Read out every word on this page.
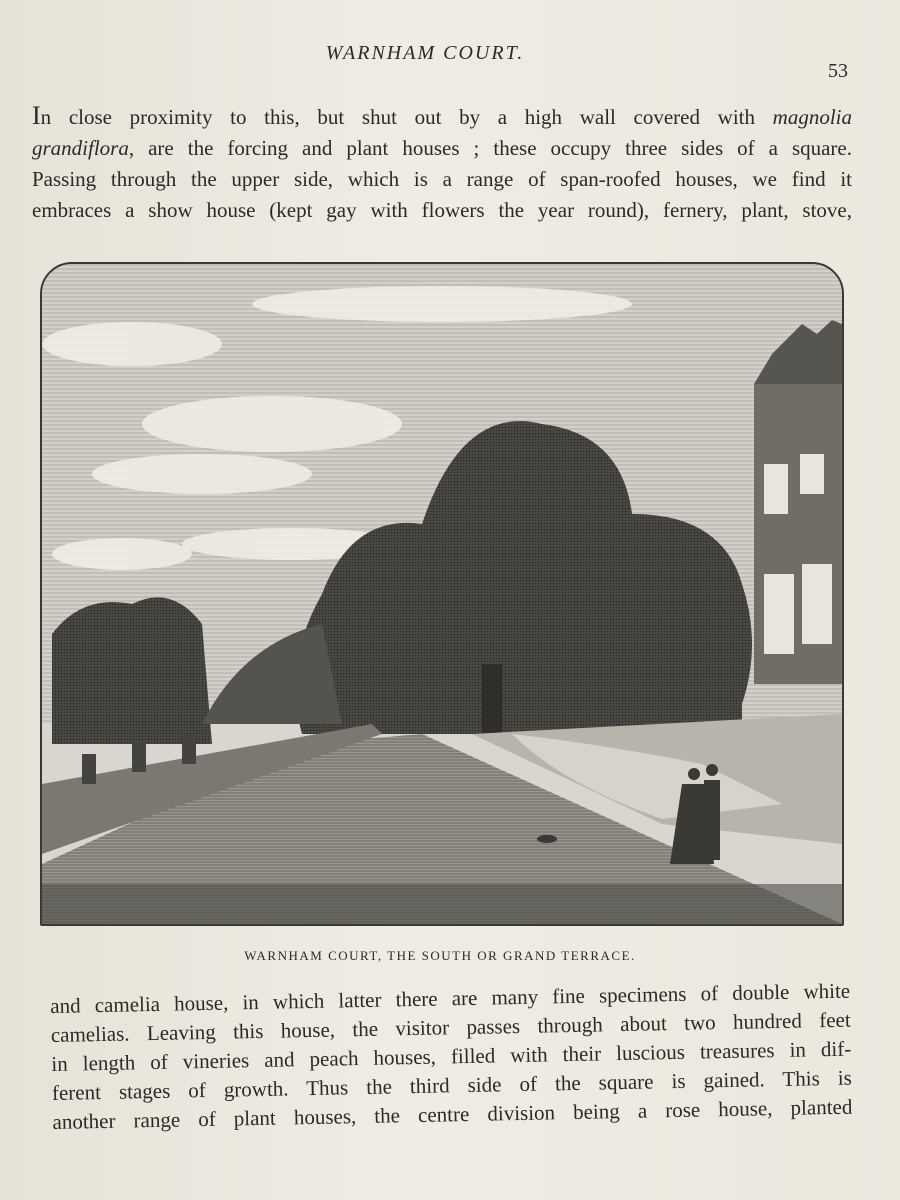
WARNHAM COURT.
53
In close proximity to this, but shut out by a high wall covered with magnolia
grandiflora, are the forcing and plant houses ; these occupy three sides of a square.
Passing through the upper side, which is a range of span-roofed houses, we find it
embraces a show house (kept gay with flowers the year round), fernery, plant, stove,
WARNHAM COURT, THE SOUTH OR GRAND TERRACE.
and camelia house, in which latter there are many fine specimens of double white
camelias. Leaving this house, the visitor passes through about two hundred feet
in length of vineries and peach houses, filled with their luscious treasures in dif-
ferent stages of growth. Thus the third side of the square is gained. This is
another range of plant houses, the centre division being a rose house, planted
